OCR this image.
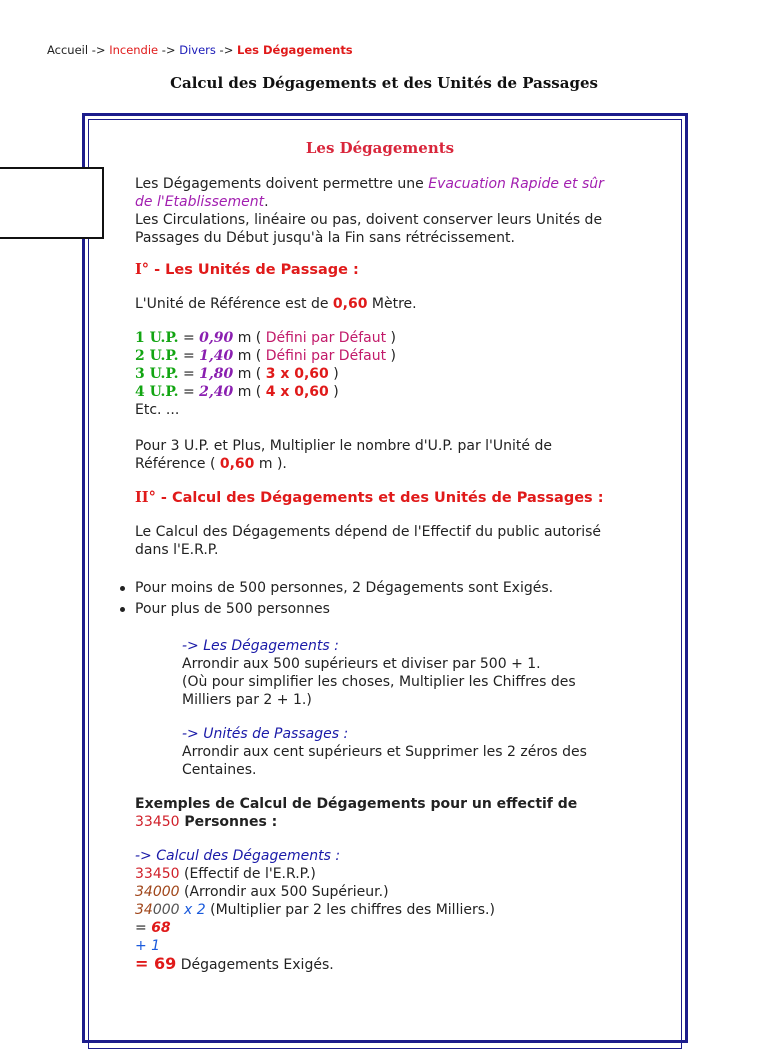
Accueil -> Incendie -> Divers -> Les Dégagements
Calcul des Dégagements et des Unités de Passages
Les Dégagements

Les Dégagements doivent permettre une Evacuation Rapide et sûr de l'Etablissement.

Les Circulations, linéaire ou pas, doivent conserver leurs Unités de Passages du Début jusqu'à la Fin sans rétrécissement.

I° - Les Unités de Passage :

L'Unité de Référence est de 0,60 Mètre.

1 U.P. = 0,90 m ( Défini par Défaut )
2 U.P. = 1,40 m ( Défini par Défaut )
3 U.P. = 1,80 m ( 3 x 0,60 )
4 U.P. = 2,40 m ( 4 x 0,60 )
Etc. ...

Pour 3 U.P. et Plus, Multiplier le nombre d'U.P. par l'Unité de Référence ( 0,60 m ).

II° - Calcul des Dégagements et des Unités de Passages :

Le Calcul des Dégagements dépend de l'Effectif du public autorisé dans l'E.R.P.

Pour moins de 500 personnes, 2 Dégagements sont Exigés.
Pour plus de 500 personnes
-> Les Dégagements :
Arrondir aux 500 supérieurs et diviser par 500 + 1.
(Où pour simplifier les choses, Multiplier les Chiffres des Milliers par 2 + 1.)
-> Unités de Passages :
Arrondir aux cent supérieurs et Supprimer les 2 zéros des Centaines.

Exemples de Calcul de Dégagements pour un effectif de 33450 Personnes :

-> Calcul des Dégagements :
33450 (Effectif de l'E.R.P.)
34000 (Arrondir aux 500 Supérieur.)
34000 x 2 (Multiplier par 2 les chiffres des Milliers.)
= 68
+ 1
= 69 Dégagements Exigés.
